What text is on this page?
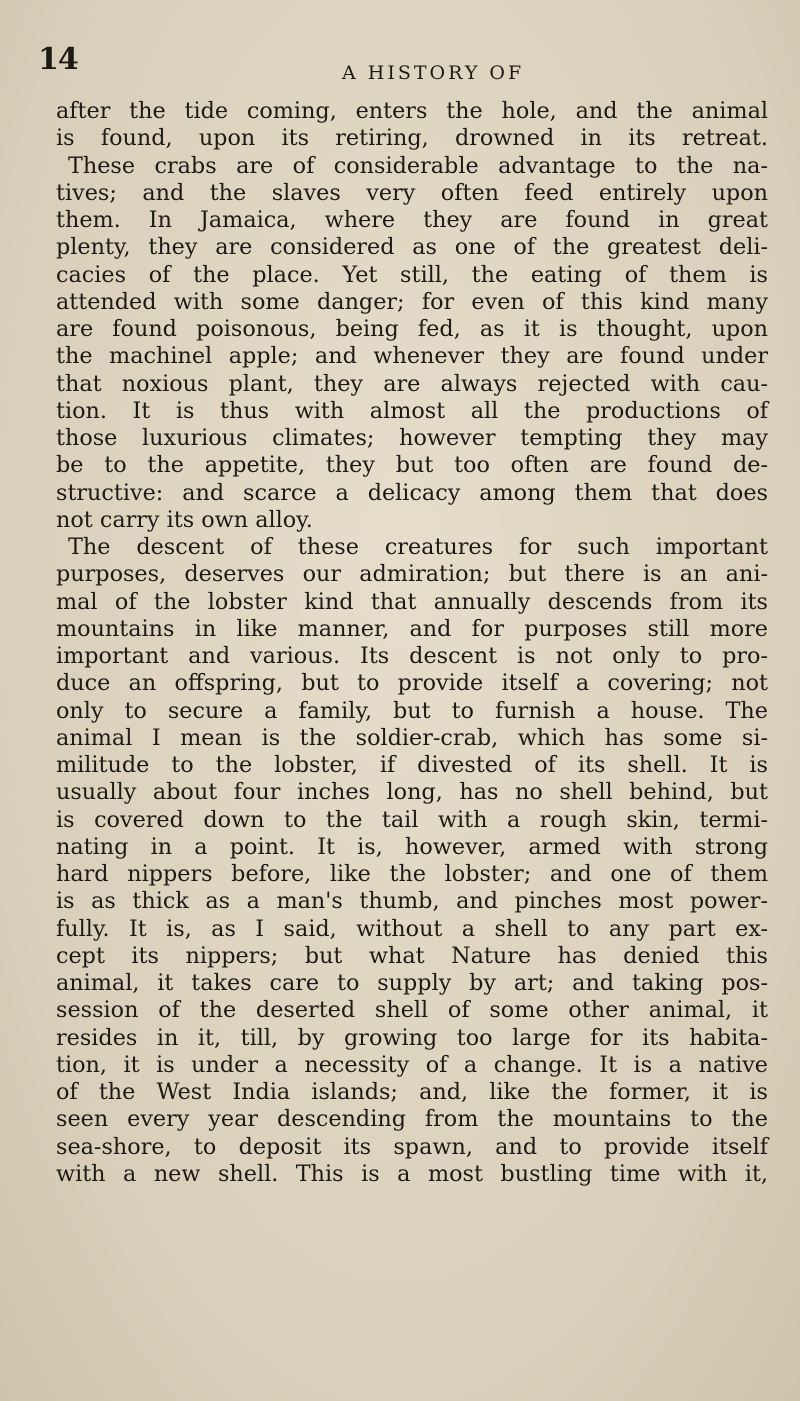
14	A HISTORY OF
after the tide coming, enters the hole, and the animal
is found, upon its retiring, drowned in its retreat.
These crabs are of considerable advantage to the na-
tives; and the slaves very often feed entirely upon
them. In Jamaica, where they are found in great
plenty, they are considered as one of the greatest deli-
cacies of the place. Yet still, the eating of them is
attended with some danger; for even of this kind many
are found poisonous, being fed, as it is thought, upon
the machinel apple; and whenever they are found under
that noxious plant, they are always rejected with cau-
tion. It is thus with almost all the productions of
those luxurious climates; however tempting they may
be to the appetite, they but too often are found de-
structive: and scarce a delicacy among them that does
not carry its own alloy.
The descent of these creatures for such important
purposes, deserves our admiration; but there is an ani-
mal of the lobster kind that annually descends from its
mountains in like manner, and for purposes still more
important and various. Its descent is not only to pro-
duce an offspring, but to provide itself a covering; not
only to secure a family, but to furnish a house. The
animal I mean is the soldier-crab, which has some si-
militude to the lobster, if divested of its shell. It is
usually about four inches long, has no shell behind, but
is covered down to the tail with a rough skin, termi-
nating in a point. It is, however, armed with strong
hard nippers before, like the lobster; and one of them
is as thick as a man's thumb, and pinches most power-
fully. It is, as I said, without a shell to any part ex-
cept its nippers; but what Nature has denied this
animal, it takes care to supply by art; and taking pos-
session of the deserted shell of some other animal, it
resides in it, till, by growing too large for its habita-
tion, it is under a necessity of a change. It is a native
of the West India islands; and, like the former, it is
seen every year descending from the mountains to the
sea-shore, to deposit its spawn, and to provide itself
with a new shell. This is a most bustling time with it,
